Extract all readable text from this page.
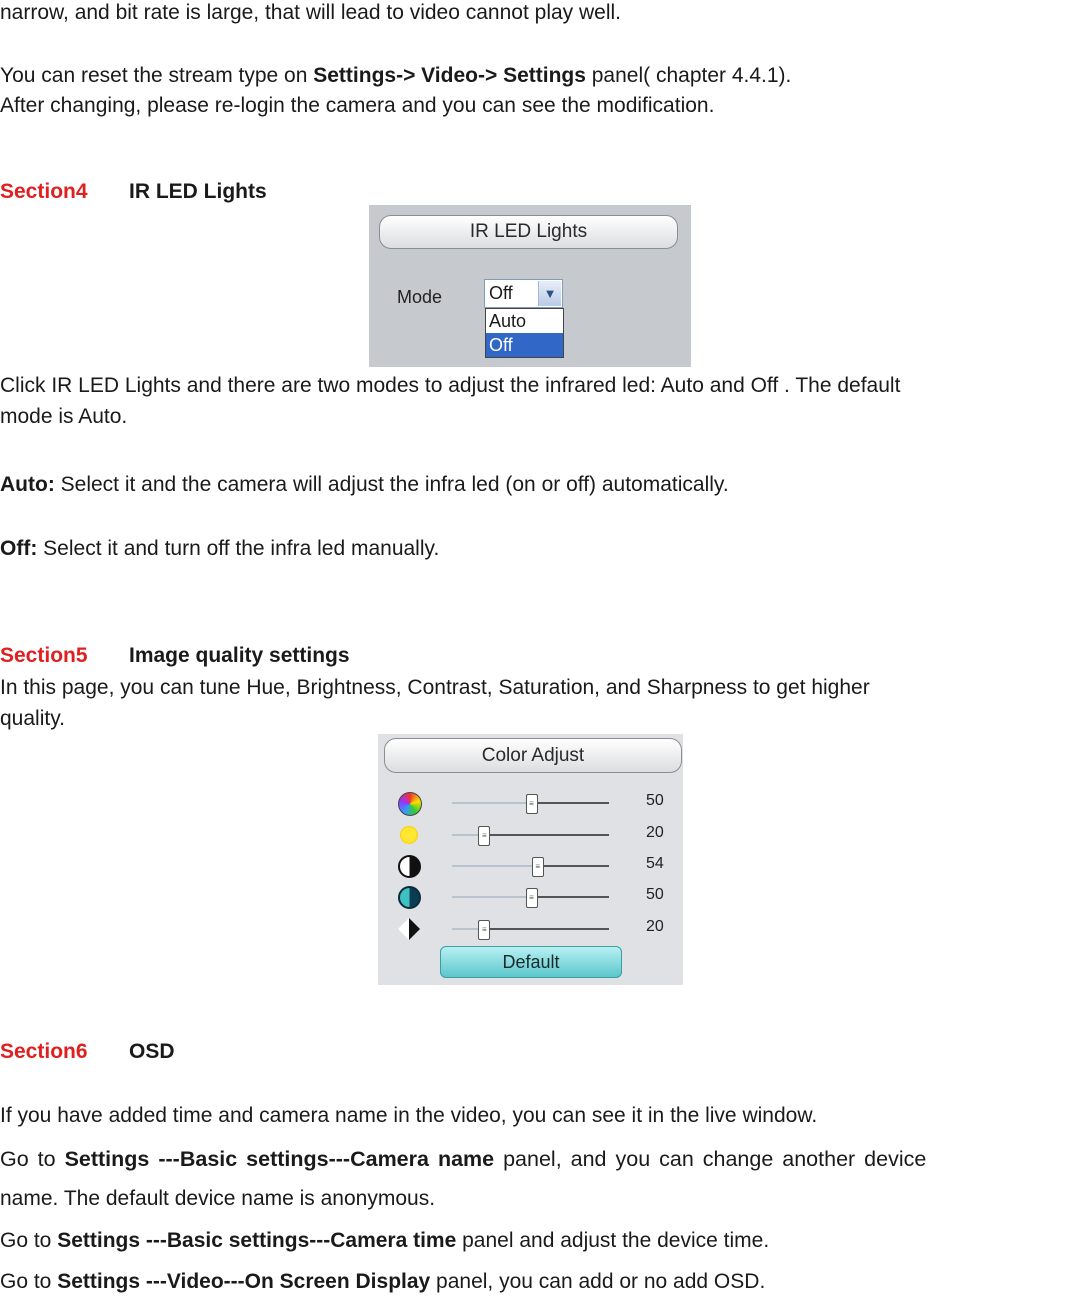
narrow, and bit rate is large, that will lead to video cannot play well.
You can reset the stream type on Settings-> Video-> Settings panel( chapter 4.4.1).
After changing, please re-login the camera and you can see the modification.
Section4 IR LED Lights
IR LED Lights
Mode	Off	▼
Auto
Off
Click IR LED Lights and there are two modes to adjust the infrared led: Auto and Off . The default
mode is Auto.
Auto: Select it and the camera will adjust the infra led (on or off) automatically.
Off: Select it and turn off the infra led manually.
Section5 Image quality settings
In this page, you can tune Hue, Brightness, Contrast, Saturation, and Sharpness to get higher
quality.
Color Adjust
≡	50
≡	20
≡	54
≡	50
≡	20
Default
Section6 OSD
If you have added time and camera name in the video, you can see it in the live window.
Go to Settings ---Basic settings---Camera name panel, and you can change another device
name. The default device name is anonymous.
Go to Settings ---Basic settings---Camera time panel and adjust the device time.
Go to Settings ---Video---On Screen Display panel, you can add or no add OSD.
